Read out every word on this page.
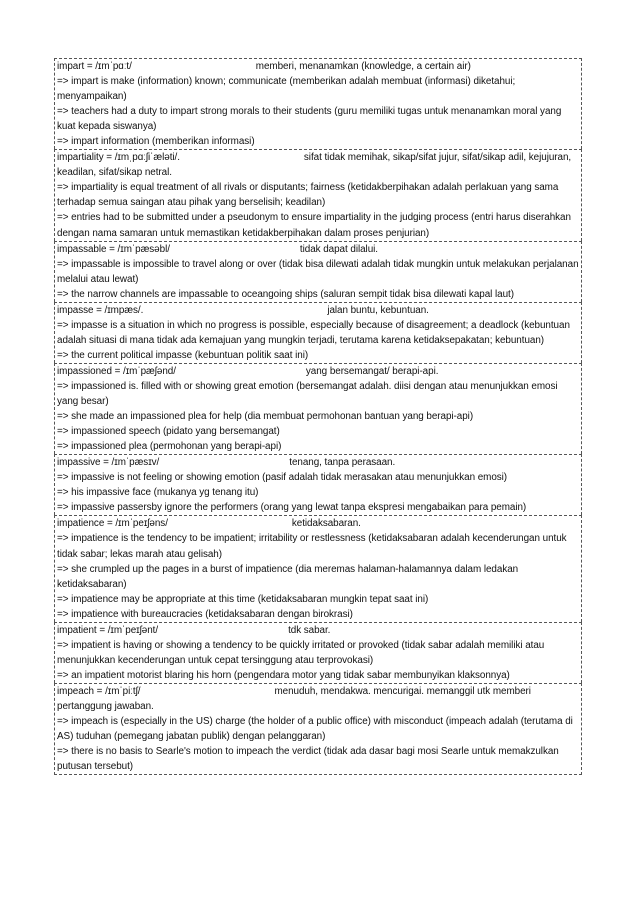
impart = /ɪmˈpɑːt/	memberi, menanamkan (knowledge, a certain air)
=> impart is make (information) known; communicate (memberikan adalah membuat (informasi) diketahui; menyampaikan)
=> teachers had a duty to impart strong morals to their students (guru memiliki tugas untuk menanamkan moral yang kuat kepada siswanya)
=> impart information (memberikan informasi)
impartiality = /ɪmˌpɑːʃiˈæləti/.	sifat tidak memihak, sikap/sifat jujur, sifat/sikap adil, kejujuran, keadilan, sifat/sikap netral.
=> impartiality is equal treatment of all rivals or disputants; fairness (ketidakberpihakan adalah perlakuan yang sama terhadap semua saingan atau pihak yang berselisih; keadilan)
=> entries had to be submitted under a pseudonym to ensure impartiality in the judging process (entri harus diserahkan dengan nama samaran untuk memastikan ketidakberpihakan dalam proses penjurian)
impassable = /ɪmˈpæsəbl/	tidak dapat dilalui.
=> impassable is impossible to travel along or over (tidak bisa dilewati adalah tidak mungkin untuk melakukan perjalanan melalui atau lewat)
=> the narrow channels are impassable to oceangoing ships (saluran sempit tidak bisa dilewati kapal laut)
impasse = /ɪmpæs/.	jalan buntu, kebuntuan.
=> impasse is a situation in which no progress is possible, especially because of disagreement; a deadlock (kebuntuan adalah situasi di mana tidak ada kemajuan yang mungkin terjadi, terutama karena ketidaksepakatan; kebuntuan)
=> the current political impasse (kebuntuan politik saat ini)
impassioned = /ɪmˈpæʃənd/	yang bersemangat/ berapi-api.
=> impassioned is. filled with or showing great emotion (bersemangat adalah. diisi dengan atau menunjukkan emosi yang besar)
=> she made an impassioned plea for help (dia membuat permohonan bantuan yang berapi-api)
=> impassioned speech (pidato yang bersemangat)
=> impassioned plea (permohonan yang berapi-api)
impassive = /ɪmˈpæsɪv/	tenang, tanpa perasaan.
=> impassive is not feeling or showing emotion (pasif adalah tidak merasakan atau menunjukkan emosi)
=> his impassive face (mukanya yg tenang itu)
=> impassive passersby ignore the performers (orang yang lewat tanpa ekspresi mengabaikan para pemain)
impatience = /ɪmˈpeɪʃəns/	ketidaksabaran.
=> impatience is the tendency to be impatient; irritability or restlessness (ketidaksabaran adalah kecenderungan untuk tidak sabar; lekas marah atau gelisah)
=> she crumpled up the pages in a burst of impatience (dia meremas halaman-halamannya dalam ledakan ketidaksabaran)
=> impatience may be appropriate at this time (ketidaksabaran mungkin tepat saat ini)
=> impatience with bureaucracies (ketidaksabaran dengan birokrasi)
impatient = /ɪmˈpeɪʃənt/	tdk sabar.
=> impatient is having or showing a tendency to be quickly irritated or provoked (tidak sabar adalah memiliki atau menunjukkan kecenderungan untuk cepat tersinggung atau terprovokasi)
=> an impatient motorist blaring his horn (pengendara motor yang tidak sabar membunyikan klaksonnya)
impeach = /ɪmˈpiːtʃ/	menuduh, mendakwa. mencurigai. memanggil utk memberi pertanggung jawaban.
=> impeach is (especially in the US) charge (the holder of a public office) with misconduct (impeach adalah (terutama di AS) tuduhan (pemegang jabatan publik) dengan pelanggaran)
=> there is no basis to Searle's motion to impeach the verdict (tidak ada dasar bagi mosi Searle untuk memakzulkan putusan tersebut)
